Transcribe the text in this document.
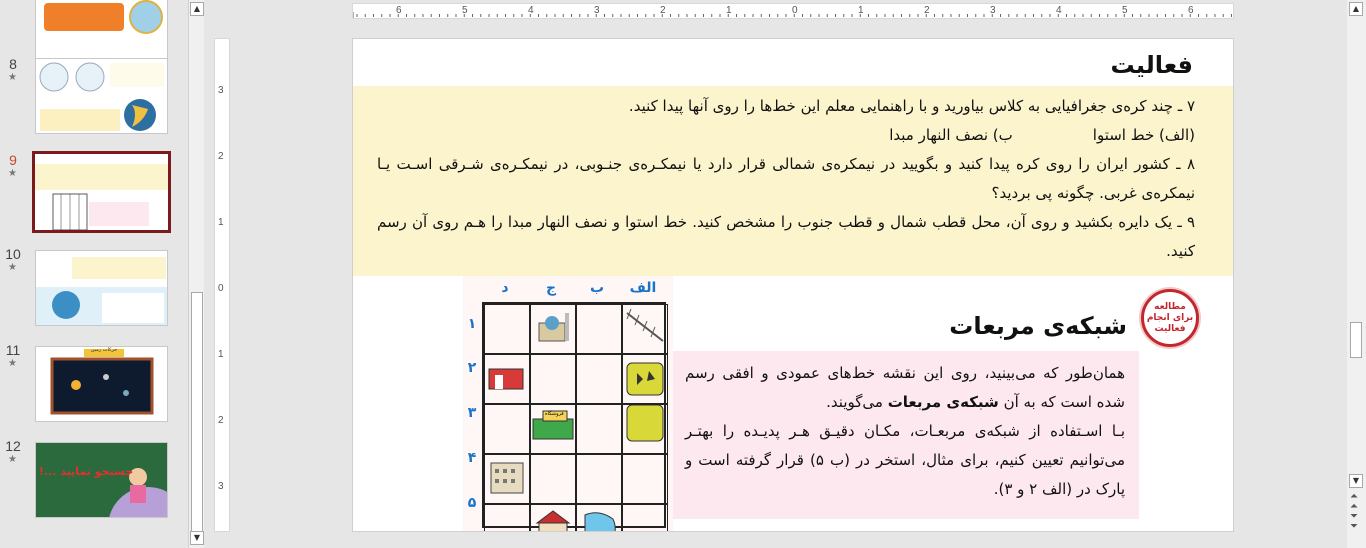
8
★
9
★
10
★
11
★
حرکات زمین
12
★
جستجو نمایید ...!
▲
▼
6	5	4	3	2	1	0	1	2	3	4	5	6
3
2
1
0
1
2
3
▲
▼
⏶
⏶
⏷
⏷
فعالیت
۷ ـ چند کره‌ی جغرافیایی به کلاس بیاورید و با راهنمایی معلم این خط‌ها را روی آنها پیدا کنید.
(الف) خط استوا
ب) نصف النهار مبدا
۸ ـ کشور ایران را روی کره پیدا کنید و بگویید در نیمکره‌ی شمالی قرار دارد یا نیمکـره‌ی جنـوبی، در نیمکـره‌ی شـرقی اسـت یـا نیمکره‌ی غربی. چگونه پی بردید؟
۹ ـ یک دایره بکشید و روی آن، محل قطب شمال و قطب جنوب را مشخص کنید. خط استوا و نصف النهار مبدا را هـم روی آن رسم کنید.
د	ج	ب	الف
۱
۲
۳
۴
۵
فروشگاه
مطالعه برای انجام فعالیت
شبکه‌ی مربعات
همان‌طور که می‌بینید، روی این نقشه خط‌های عمودی و افقی رسم شده است که به آن شبکه‌ی مربعات می‌گویند.
بـا اسـتفاده از شبکه‌ی مربعـات، مکـان دقیـق هـر پدیـده را بهتـر می‌توانیم تعیین کنیم، برای مثال، استخر در (ب ۵) قرار گرفته است و پارک در (الف ۲ و ۳).
